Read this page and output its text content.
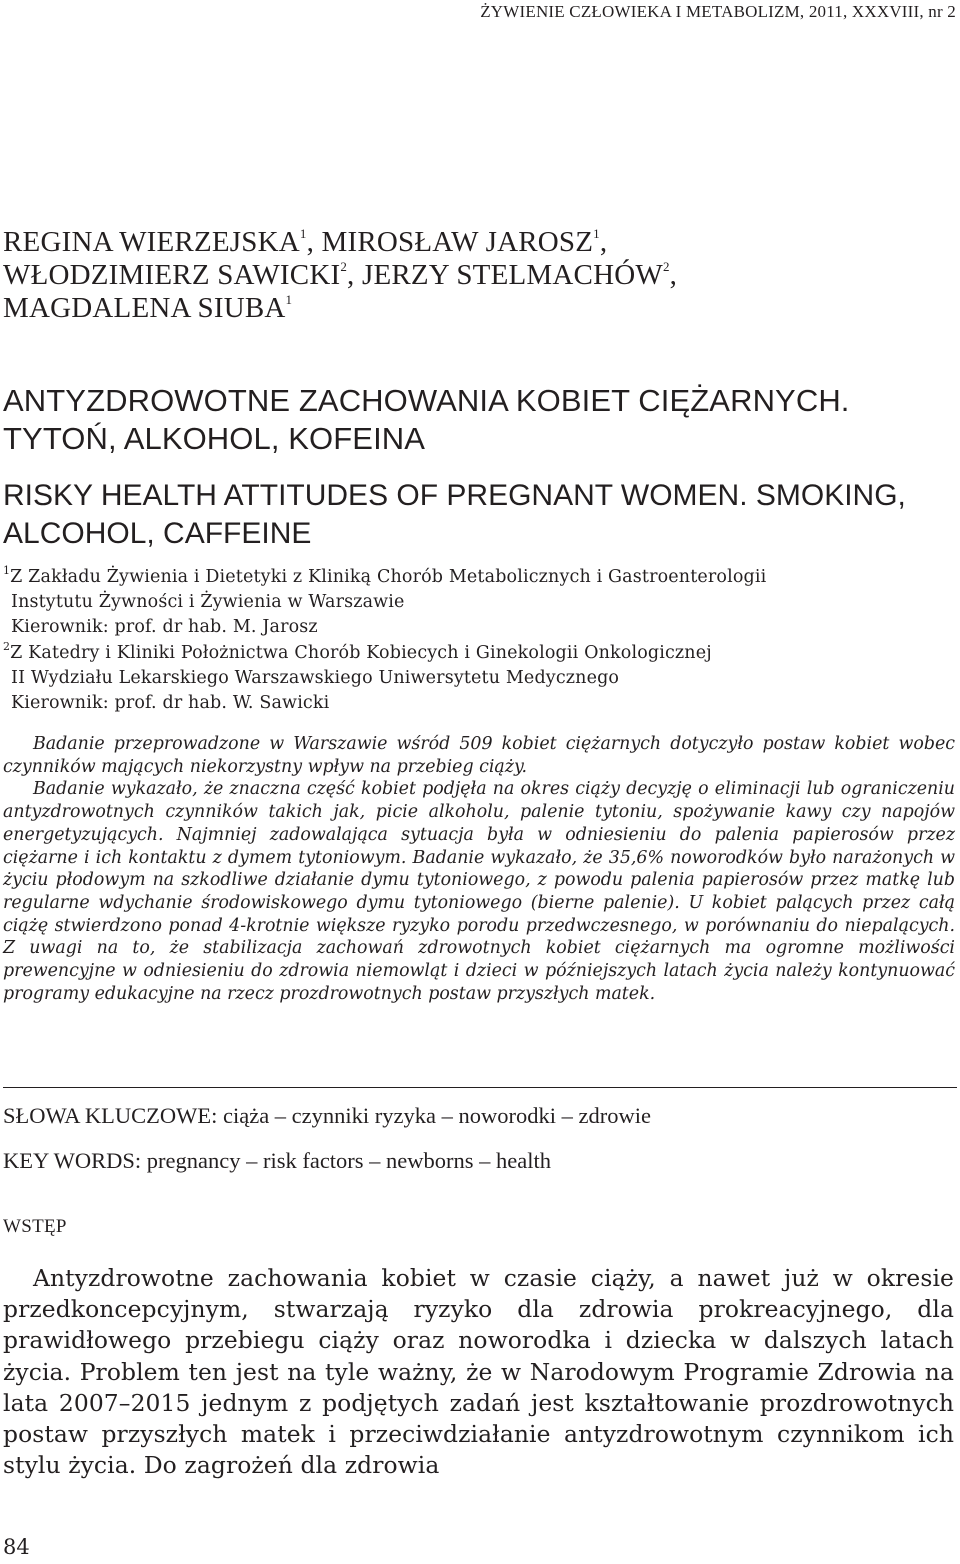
ŻYWIENIE CZŁOWIEKA I METABOLIZM, 2011, XXXVIII, nr 2
REGINA WIERZEJSKA$^1$, MIROSŁAW JAROSZ$^1$,
WŁODZIMIERZ SAWICKI$^2$, JERZY STELMACHÓW$^2$,
MAGDALENA SIUBA$^1$
ANTYZDROWOTNE ZACHOWANIA KOBIET CIĘŻARNYCH.
TYTOŃ, ALKOHOL, KOFEINA
RISKY HEALTH ATTITUDES OF PREGNANT WOMEN. SMOKING,
ALCOHOL, CAFFEINE

$^1$Z Zakładu Żywienia i Dietetyki z Kliniką Chorób Metabolicznych i Gastroenterologii

Instytutu Żywności i Żywienia w Warszawie

Kierownik: prof. dr hab. M. Jarosz

$^2$Z Katedry i Kliniki Położnictwa Chorób Kobiecych i Ginekologii Onkologicznej

II Wydziału Lekarskiego Warszawskiego Uniwersytetu Medycznego

Kierownik: prof. dr hab. W. Sawicki

Badanie przeprowadzone w Warszawie wśród 509 kobiet ciężarnych dotyczyło postaw kobiet wobec czynników mających niekorzystny wpływ na przebieg ciąży.

Badanie wykazało, że znaczna część kobiet podjęła na okres ciąży decyzję o eliminacji lub ograniczeniu antyzdrowotnych czynników takich jak, picie alkoholu, palenie tytoniu, spożywanie kawy czy napojów energetyzujących. Najmniej zadowalająca sytuacja była w odniesieniu do palenia papierosów przez ciężarne i ich kontaktu z dymem tytoniowym. Badanie wykazało, że 35,6% noworodków było narażonych w życiu płodowym na szkodliwe działanie dymu tytoniowego, z powodu palenia papierosów przez matkę lub regularne wdychanie środowiskowego dymu tytoniowego (bierne palenie). U kobiet palących przez całą ciążę stwierdzono ponad 4-krotnie większe ryzyko porodu przedwczesnego, w porównaniu do niepalących. Z uwagi na to, że stabilizacja zachowań zdrowotnych kobiet ciężarnych ma ogromne możliwości prewencyjne w odniesieniu do zdrowia niemowląt i dzieci w późniejszych latach życia należy kontynuować programy edukacyjne na rzecz prozdrowotnych postaw przyszłych matek.

SŁOWA KLUCZOWE: ciąża – czynniki ryzyka – noworodki – zdrowie
KEY WORDS: pregnancy – risk factors – newborns – health
WSTĘP

Antyzdrowotne zachowania kobiet w czasie ciąży, a nawet już w okresie przedkoncepcyjnym, stwarzają ryzyko dla zdrowia prokreacyjnego, dla prawidłowego przebiegu ciąży oraz noworodka i dziecka w dalszych latach życia. Problem ten jest na tyle ważny, że w Narodowym Programie Zdrowia na lata 2007–2015 jednym z podjętych zadań jest kształtowanie prozdrowotnych postaw przyszłych matek i przeciwdziałanie antyzdrowotnym czynnikom ich stylu życia. Do zagrożeń dla zdrowia

84
